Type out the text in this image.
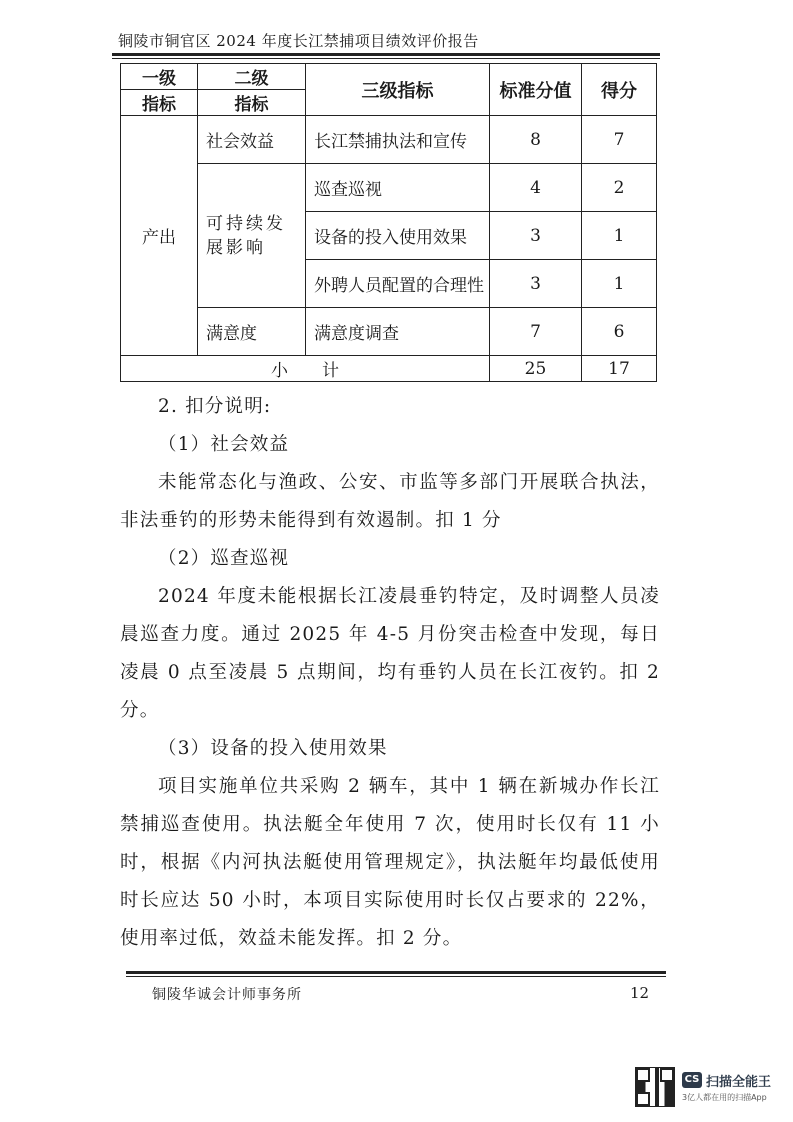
铜陵市铜官区 2024 年度长江禁捕项目绩效评价报告
一级	二级	三级指标	标准分值	得分
指标	指标			
产出	社会效益	长江禁捕执法和宣传	8	7
	可持续发展影响	巡查巡视	4	2
		设备的投入使用效果	3	1
		外聘人员配置的合理性	3	1
	满意度	满意度调查	7	6
小　　计			25	17

2. 扣分说明:

（1）社会效益

未能常态化与渔政、公安、市监等多部门开展联合执法，非法垂钓的形势未能得到有效遏制。扣 1 分

（2）巡查巡视

2024 年度未能根据长江凌晨垂钓特定，及时调整人员凌晨巡查力度。通过 2025 年 4-5 月份突击检查中发现，每日凌晨 0 点至凌晨 5 点期间，均有垂钓人员在长江夜钓。扣 2 分。

（3）设备的投入使用效果

项目实施单位共采购 2 辆车，其中 1 辆在新城办作长江禁捕巡查使用。执法艇全年使用 7 次，使用时长仅有 11 小时，根据《内河执法艇使用管理规定》，执法艇年均最低使用时长应达 50 小时，本项目实际使用时长仅占要求的 22%，使用率过低，效益未能发挥。扣 2 分。

铜陵华诚会计师事务所	12
CS 扫描全能王
3亿人都在用的扫描App
